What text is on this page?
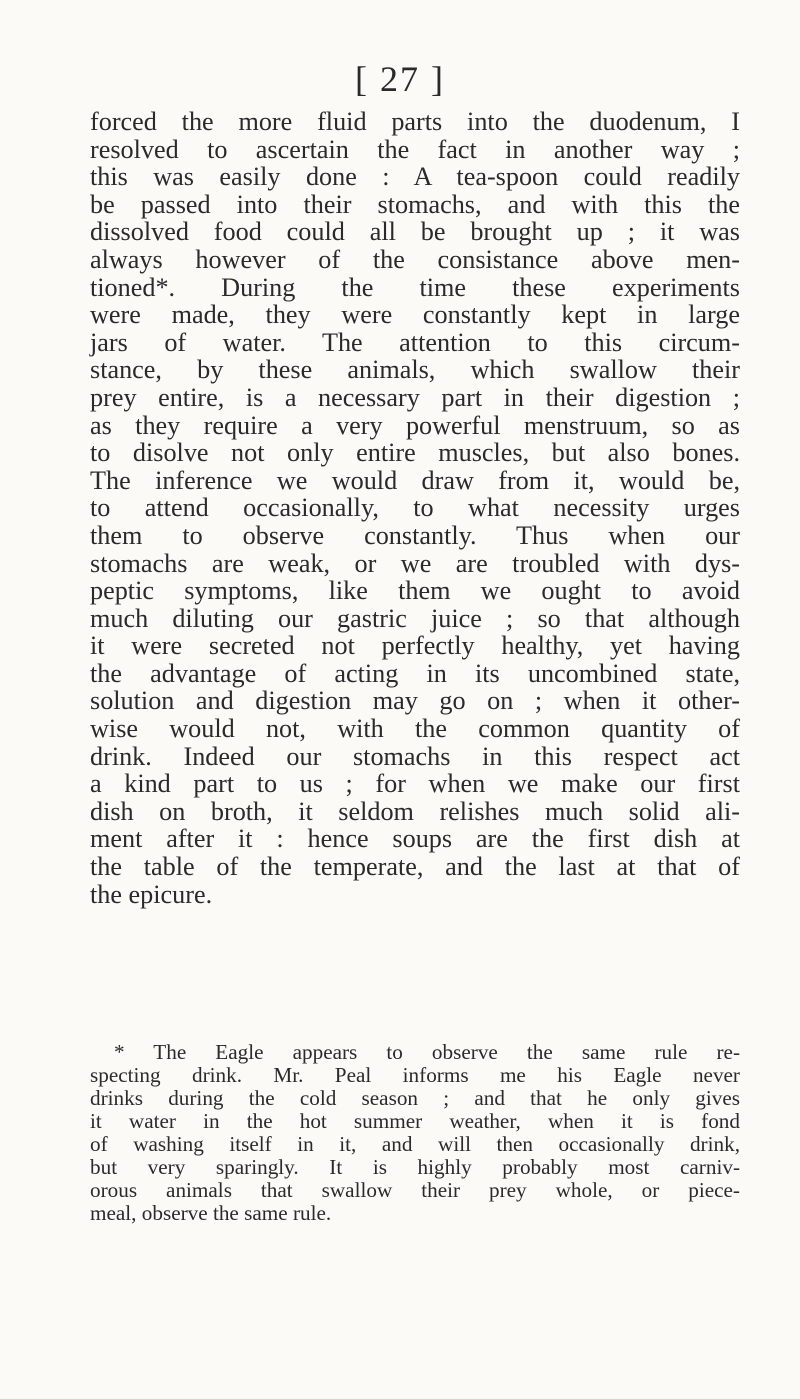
[ 27 ]
forced the more fluid parts into the duodenum, I
resolved to ascertain the fact in another way ;
this was easily done : A tea-spoon could readily
be passed into their stomachs, and with this the
dissolved food could all be brought up ; it was
always however of the consistance above men-
tioned*. During the time these experiments
were made, they were constantly kept in large
jars of water. The attention to this circum-
stance, by these animals, which swallow their
prey entire, is a necessary part in their digestion ;
as they require a very powerful menstruum, so as
to disolve not only entire muscles, but also bones.
The inference we would draw from it, would be,
to attend occasionally, to what necessity urges
them to observe constantly. Thus when our
stomachs are weak, or we are troubled with dys-
peptic symptoms, like them we ought to avoid
much diluting our gastric juice ; so that although
it were secreted not perfectly healthy, yet having
the advantage of acting in its uncombined state,
solution and digestion may go on ; when it other-
wise would not, with the common quantity of
drink. Indeed our stomachs in this respect act
a kind part to us ; for when we make our first
dish on broth, it seldom relishes much solid ali-
ment after it : hence soups are the first dish at
the table of the temperate, and the last at that of
the epicure.
* The Eagle appears to observe the same rule re-
specting drink. Mr. Peal informs me his Eagle never
drinks during the cold season ; and that he only gives
it water in the hot summer weather, when it is fond
of washing itself in it, and will then occasionally drink,
but very sparingly. It is highly probably most carniv-
orous animals that swallow their prey whole, or piece-
meal, observe the same rule.
